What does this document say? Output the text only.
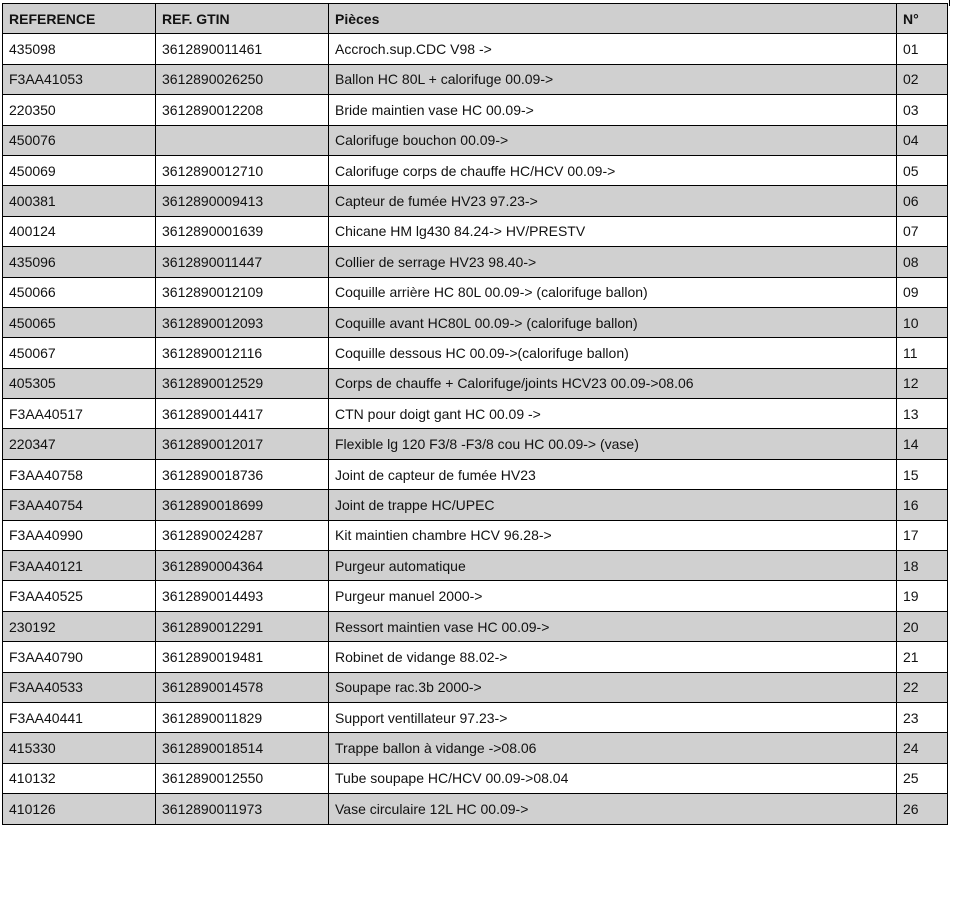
REFERENCE	REF. GTIN	Pièces	N°
435098	3612890011461	Accroch.sup.CDC V98 ->	01
F3AA41053	3612890026250	Ballon HC 80L + calorifuge 00.09->	02
220350	3612890012208	Bride maintien vase HC 00.09->	03
450076		Calorifuge bouchon 00.09->	04
450069	3612890012710	Calorifuge corps de chauffe HC/HCV 00.09->	05
400381	3612890009413	Capteur de fumée HV23 97.23->	06
400124	3612890001639	Chicane HM lg430 84.24-> HV/PRESTV	07
435096	3612890011447	Collier de serrage HV23 98.40->	08
450066	3612890012109	Coquille arrière HC 80L 00.09-> (calorifuge ballon)	09
450065	3612890012093	Coquille avant HC80L 00.09-> (calorifuge ballon)	10
450067	3612890012116	Coquille dessous HC 00.09->(calorifuge ballon)	11
405305	3612890012529	Corps de chauffe + Calorifuge/joints HCV23 00.09->08.06	12
F3AA40517	3612890014417	CTN pour doigt gant HC 00.09 ->	13
220347	3612890012017	Flexible lg 120 F3/8 -F3/8 cou HC 00.09-> (vase)	14
F3AA40758	3612890018736	Joint de capteur de fumée HV23	15
F3AA40754	3612890018699	Joint de trappe HC/UPEC	16
F3AA40990	3612890024287	Kit maintien chambre HCV 96.28->	17
F3AA40121	3612890004364	Purgeur automatique	18
F3AA40525	3612890014493	Purgeur manuel 2000->	19
230192	3612890012291	Ressort maintien vase HC 00.09->	20
F3AA40790	3612890019481	Robinet de vidange 88.02->	21
F3AA40533	3612890014578	Soupape rac.3b 2000->	22
F3AA40441	3612890011829	Support ventillateur 97.23->	23
415330	3612890018514	Trappe ballon à vidange ->08.06	24
410132	3612890012550	Tube soupape HC/HCV 00.09->08.04	25
410126	3612890011973	Vase circulaire 12L HC 00.09->	26
